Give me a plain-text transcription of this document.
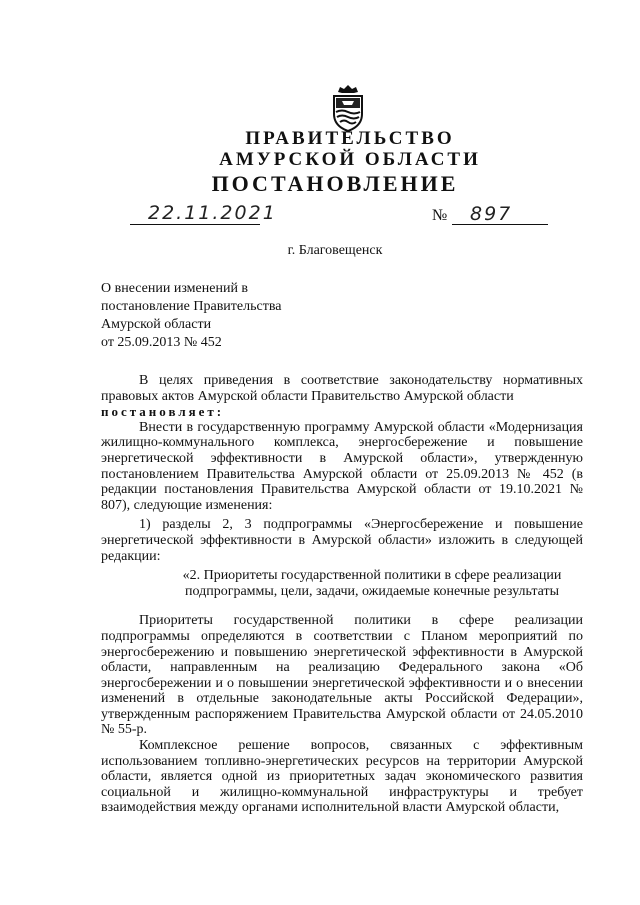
ПРАВИТЕЛЬСТВО
АМУРСКОЙ ОБЛАСТИ
ПОСТАНОВЛЕНИЕ
22.11.2021	№ 897
г. Благовещенск
О внесении изменений в
постановление Правительства
Амурской области
от 25.09.2013 № 452

В целях приведения в соответствие законодательству нормативных правовых актов Амурской области Правительство Амурской области

постановляет:

Внести в государственную программу Амурской области «Модернизация жилищно-коммунального комплекса, энергосбережение и повышение энергетической эффективности в Амурской области», утвержденную постановлением Правительства Амурской области от 25.09.2013 № 452 (в редакции постановления Правительства Амурской области от 19.10.2021 № 807), следующие изменения:

1) разделы 2, 3 подпрограммы «Энергосбережение и повышение энергетической эффективности в Амурской области» изложить в следующей редакции:

«2. Приоритеты государственной политики в сфере реализации

подпрограммы, цели, задачи, ожидаемые конечные результаты

Приоритеты государственной политики в сфере реализации подпрограммы определяются в соответствии с Планом мероприятий по энергосбережению и повышению энергетической эффективности в Амурской области, направленным на реализацию Федерального закона «Об энергосбережении и о повышении энергетической эффективности и о внесении изменений в отдельные законодательные акты Российской Федерации», утвержденным распоряжением Правительства Амурской области от 24.05.2010 № 55-р.

Комплексное решение вопросов, связанных с эффективным использованием топливно-энергетических ресурсов на территории Амурской области, является одной из приоритетных задач экономического развития социальной и жилищно-коммунальной инфраструктуры и требует взаимодействия между органами исполнительной власти Амурской области,
